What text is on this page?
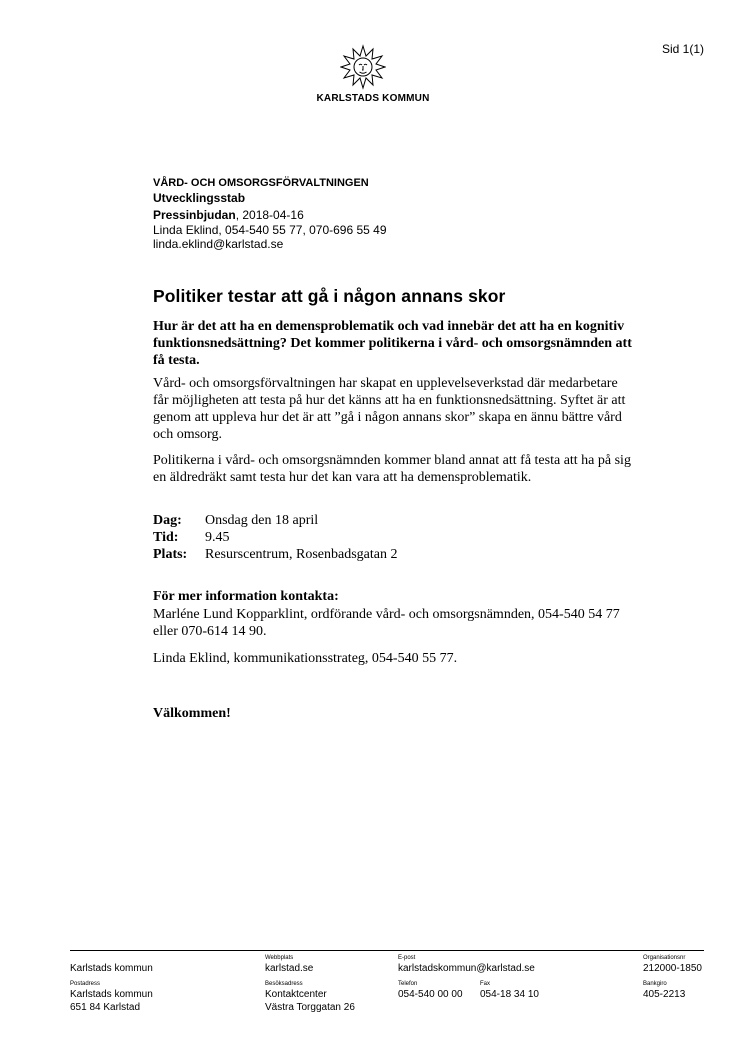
Sid 1(1)
KARLSTADS KOMMUN
VÅRD- OCH OMSORGSFÖRVALTNINGEN
Utvecklingsstab
Pressinbjudan, 2018-04-16
Linda Eklind, 054-540 55 77, 070-696 55 49
linda.eklind@karlstad.se
Politiker testar att gå i någon annans skor
Hur är det att ha en demensproblematik och vad innebär det att ha en kognitiv funktionsnedsättning? Det kommer politikerna i vård- och omsorgsnämnden att få testa.
Vård- och omsorgsförvaltningen har skapat en upplevelseverkstad där medarbetare får möjligheten att testa på hur det känns att ha en funktionsnedsättning. Syftet är att genom att uppleva hur det är att ”gå i någon annans skor” skapa en ännu bättre vård och omsorg.
Politikerna i vård- och omsorgsnämnden kommer bland annat att få testa att ha på sig en äldredräkt samt testa hur det kan vara att ha demensproblematik.
Dag:	Onsdag den 18 april
Tid:	9.45
Plats:	Resurscentrum, Rosenbadsgatan 2
För mer information kontakta:
Marléne Lund Kopparklint, ordförande vård- och omsorgsnämnden, 054-540 54 77 eller 070-614 14 90.
Linda Eklind, kommunikationsstrateg, 054-540 55 77.
Välkommen!
Karlstads kommun
Webbplats
karlstad.se
E-post
karlstadskommun@karlstad.se
Organisationsnr
212000-1850
Postadress
Karlstads kommun
651 84 Karlstad
Besöksadress
Kontaktcenter
Västra Torggatan 26
Telefon
054-540 00 00
Fax
054-18 34 10
Bankgiro
405-2213
